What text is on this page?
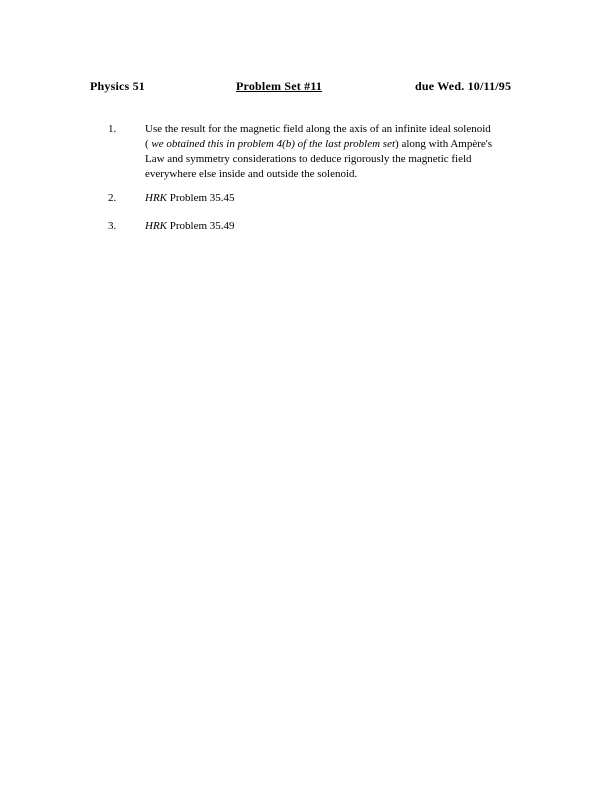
Physics 51	Problem Set #11	due Wed. 10/11/95
1.	Use the result for the magnetic field along the axis of an infinite ideal solenoid
( we obtained this in problem 4(b) of the last problem set) along with Ampère's
Law and symmetry considerations to deduce rigorously the magnetic field
everywhere else inside and outside the solenoid.
2.	HRK Problem 35.45
3.	HRK Problem 35.49
